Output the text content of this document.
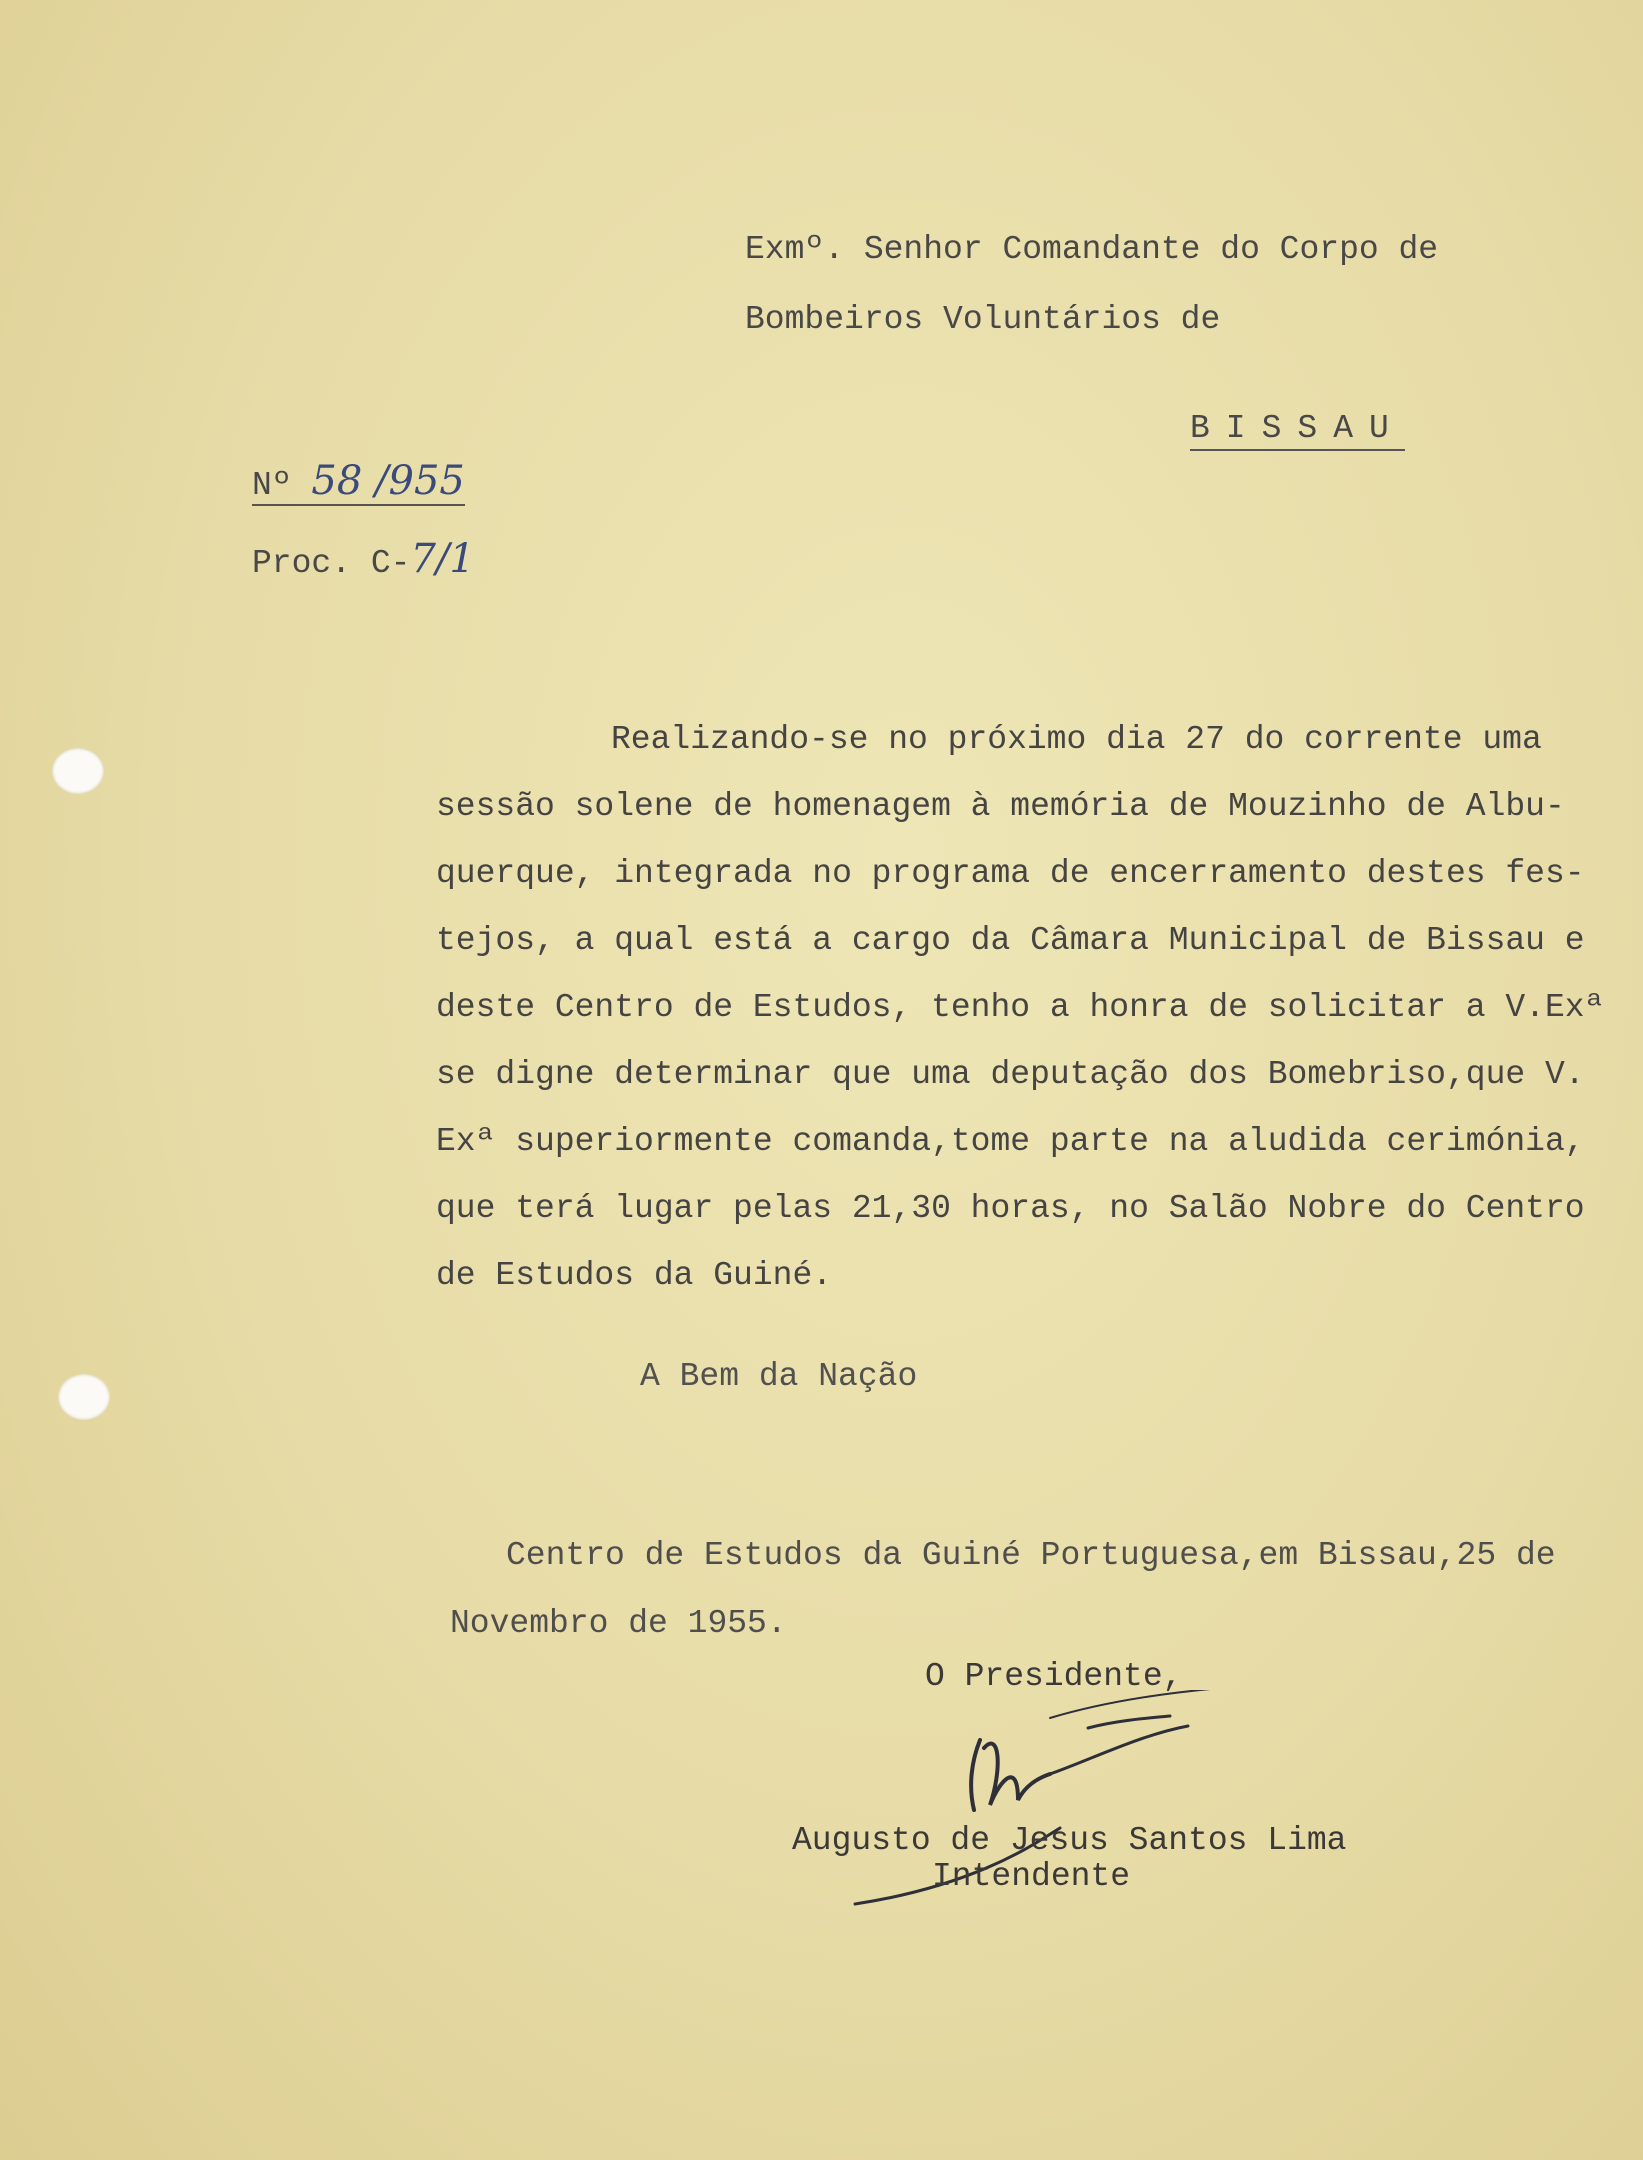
Exmº. Senhor Comandante do Corpo de
Bombeiros Voluntários de
BISSAU
Nº 58 /955
Proc. C-7/1
Realizando-se no próximo dia 27 do corrente uma
sessão solene de homenagem à memória de Mouzinho de Albu-
querque, integrada no programa de encerramento destes fes-
tejos, a qual está a cargo da Câmara Municipal de Bissau e
deste Centro de Estudos, tenho a honra de solicitar a V.Exª
se digne determinar que uma deputação dos Bomebriso,que V.
Exª superiormente comanda,tome parte na aludida cerimónia,
que terá lugar pelas 21,30 horas, no Salão Nobre do Centro
de Estudos da Guiné.
A Bem da Nação
Centro de Estudos da Guiné Portuguesa,em Bissau,25 de
Novembro de 1955.
O Presidente,
Augusto de Jesus Santos Lima
Intendente
